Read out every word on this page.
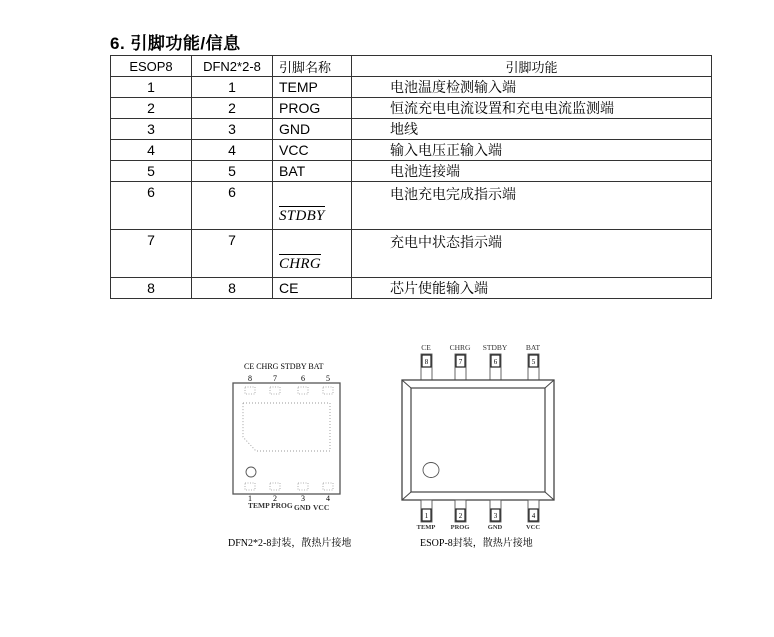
6. 引脚功能/信息
ESOP8	DFN2*2-8	引脚名称	引脚功能
1	1	TEMP	电池温度检测输入端
2	2	PROG	恒流充电电流设置和充电电流监测端
3	3	GND	地线
4	4	VCC	输入电压正输入端
5	5	BAT	电池连接端
6	6	STDBY	电池充电完成指示端
7	7	CHRG	充电中状态指示端
8	8	CE	芯片使能输入端
CE CHRG STDBY BAT
8	7	6	5
1	2	3	4
TEMP PROG GND VCC
DFN2*2-8封装，散热片接地
CE	CHRG STDBY BAT
8	7	6	5
1	2	3	4
TEMP PROG	GND	VCC
ESOP-8封装，散热片接地
